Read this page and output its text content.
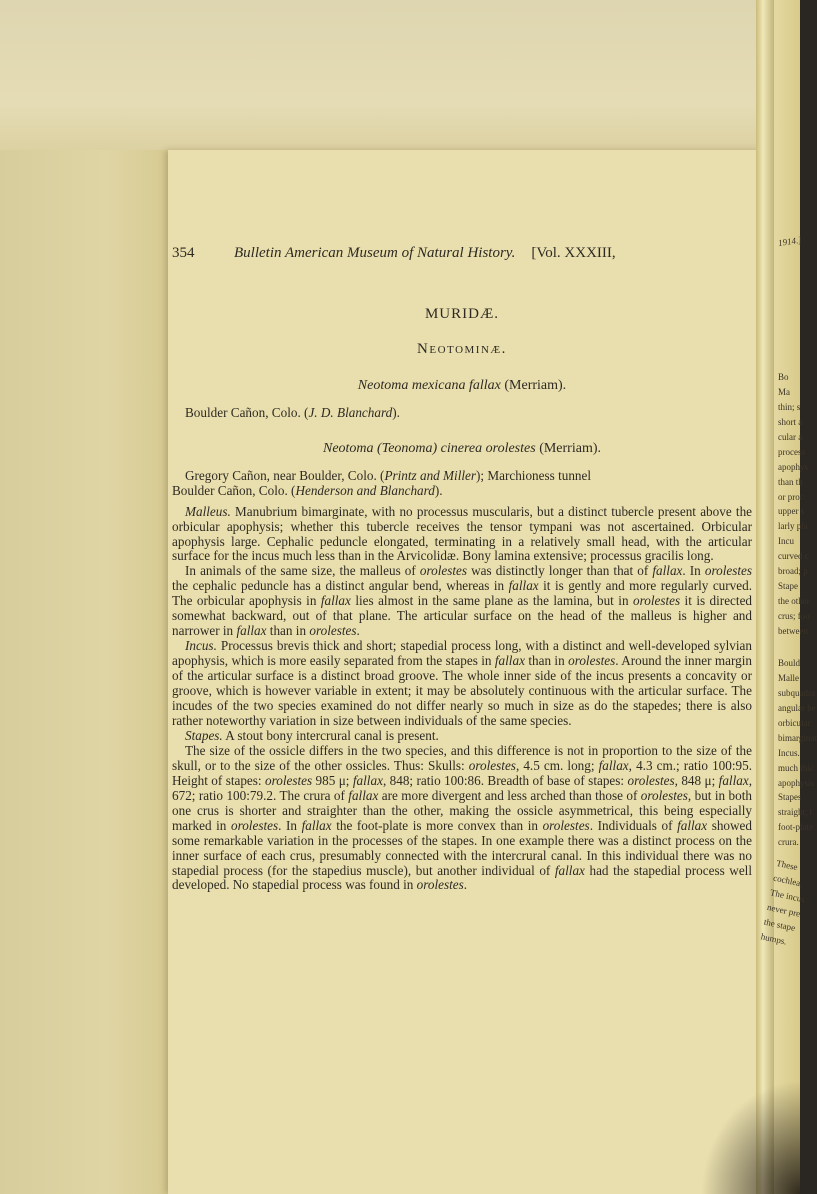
354	Bulletin American Museum of Natural History. [Vol. XXXIII,
MURIDÆ.
Neotominæ.

Neotoma mexicana fallax (Merriam).

Boulder Cañon, Colo. (J. D. Blanchard).

Neotoma (Teonoma) cinerea orolestes (Merriam).

Gregory Cañon, near Boulder, Colo. (Printz and Miller); Marchioness tunnel
Boulder Cañon, Colo. (Henderson and Blanchard).

Malleus. Manubrium bimarginate, with no processus muscularis, but a distinct tubercle present above the orbicular apophysis; whether this tubercle receives the tensor tympani was not ascertained. Orbicular apophysis large. Cephalic peduncle elongated, terminating in a relatively small head, with the articular surface for the incus much less than in the Arvicolidæ. Bony lamina extensive; processus gracilis long.

In animals of the same size, the malleus of orolestes was distinctly longer than that of fallax. In orolestes the cephalic peduncle has a distinct angular bend, whereas in fallax it is gently and more regularly curved. The orbicular apophysis in fallax lies almost in the same plane as the lamina, but in orolestes it is directed somewhat backward, out of that plane. The articular surface on the head of the malleus is higher and narrower in fallax than in orolestes.

Incus. Processus brevis thick and short; stapedial process long, with a distinct and well-developed sylvian apophysis, which is more easily separated from the stapes in fallax than in orolestes. Around the inner margin of the articular surface is a distinct broad groove. The whole inner side of the incus presents a concavity or groove, which is however variable in extent; it may be absolutely continuous with the articular surface. The incudes of the two species examined do not differ nearly so much in size as do the stapedes; there is also rather noteworthy variation in size between individuals of the same species.

Stapes. A stout bony intercrural canal is present.

The size of the ossicle differs in the two species, and this difference is not in proportion to the size of the skull, or to the size of the other ossicles. Thus: Skulls: orolestes, 4.5 cm. long; fallax, 4.3 cm.; ratio 100:95. Height of stapes: orolestes 985 μ; fallax, 848; ratio 100:86. Breadth of base of stapes: orolestes, 848 μ; fallax, 672; ratio 100:79.2. The crura of fallax are more divergent and less arched than those of orolestes, but in both one crus is shorter and straighter than the other, making the ossicle asymmetrical, this being especially marked in orolestes. In fallax the foot-plate is more convex than in orolestes. Individuals of fallax showed some remarkable variation in the processes of the stapes. In one example there was a distinct process on the inner surface of each crus, presumably connected with the intercrural canal. In this individual there was no stapedial process (for the stapedius muscle), but another individual of fallax had the stapedial process well developed. No stapedial process was found in orolestes.

1914.]
Bo
Ma
thin; s
short a
cular a
process
apophys
than th
or proc
upper s
larly pla
Incu
curved c
broad; p
Stape
the other
crus; foo
between
Bould
Malle
subquadra
angular be
orbicular
bimarginat
Incus.
much thic
apophysis
Stapes
straight; t
foot-plate
crura.
These
cochlea,
The incus
never pre
the stape
humps.
